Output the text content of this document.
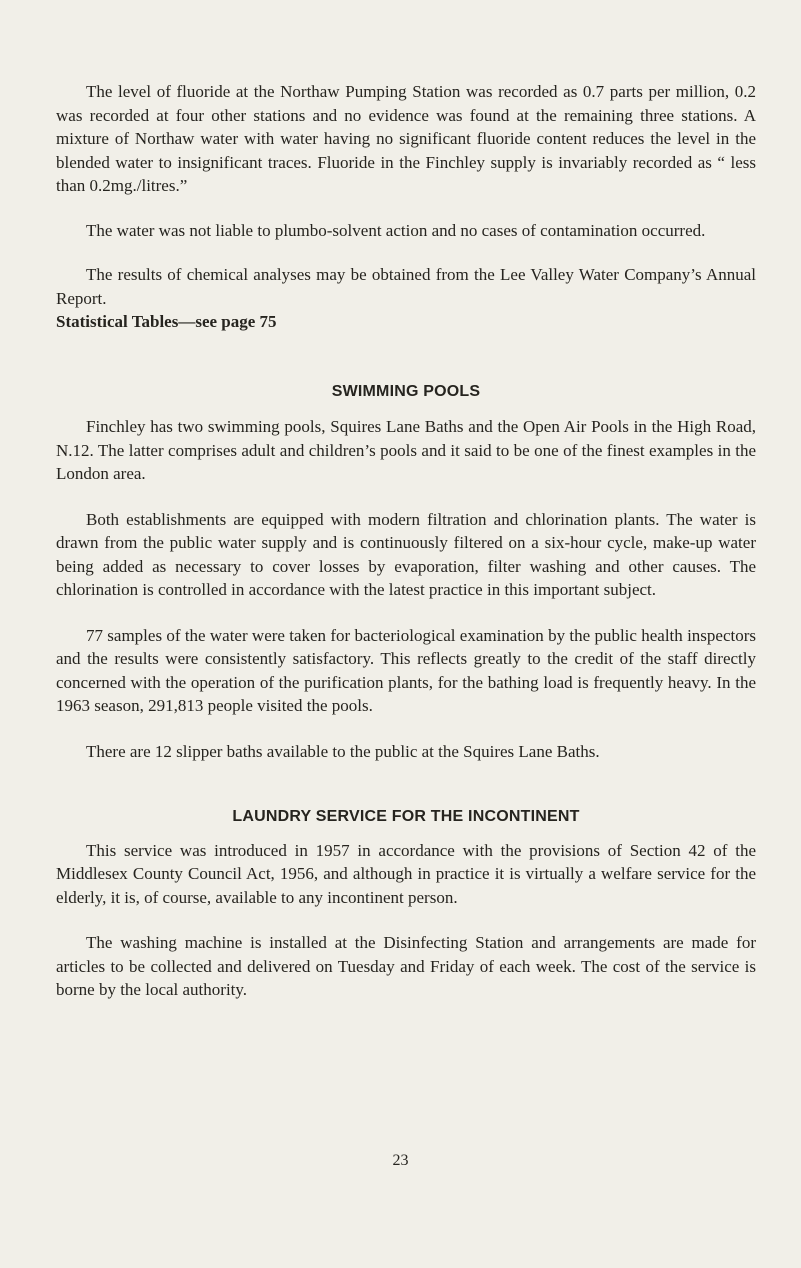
The level of fluoride at the Northaw Pumping Station was recorded as 0.7 parts per million, 0.2 was recorded at four other stations and no evidence was found at the remaining three stations. A mixture of Northaw water with water having no significant fluoride content reduces the level in the blended water to insignificant traces. Fluoride in the Finchley supply is invariably recorded as “ less than 0.2mg./litres.”

The water was not liable to plumbo-solvent action and no cases of contamination occurred.

The results of chemical analyses may be obtained from the Lee Valley Water Company’s Annual Report.

Statistical Tables—see page 75

SWIMMING POOLS

Finchley has two swimming pools, Squires Lane Baths and the Open Air Pools in the High Road, N.12. The latter comprises adult and children’s pools and it said to be one of the finest examples in the London area.

Both establishments are equipped with modern filtration and chlorination plants. The water is drawn from the public water supply and is continuously filtered on a six-hour cycle, make-up water being added as necessary to cover losses by evaporation, filter washing and other causes. The chlorination is controlled in accordance with the latest practice in this important subject.

77 samples of the water were taken for bacteriological examination by the public health inspectors and the results were consistently satisfactory. This reflects greatly to the credit of the staff directly concerned with the operation of the purification plants, for the bathing load is frequently heavy. In the 1963 season, 291,813 people visited the pools.

There are 12 slipper baths available to the public at the Squires Lane Baths.

LAUNDRY SERVICE FOR THE INCONTINENT

This service was introduced in 1957 in accordance with the provisions of Section 42 of the Middlesex County Council Act, 1956, and although in practice it is virtually a welfare service for the elderly, it is, of course, available to any incontinent person.

The washing machine is installed at the Disinfecting Station and arrangements are made for articles to be collected and delivered on Tuesday and Friday of each week. The cost of the service is borne by the local authority.

23
